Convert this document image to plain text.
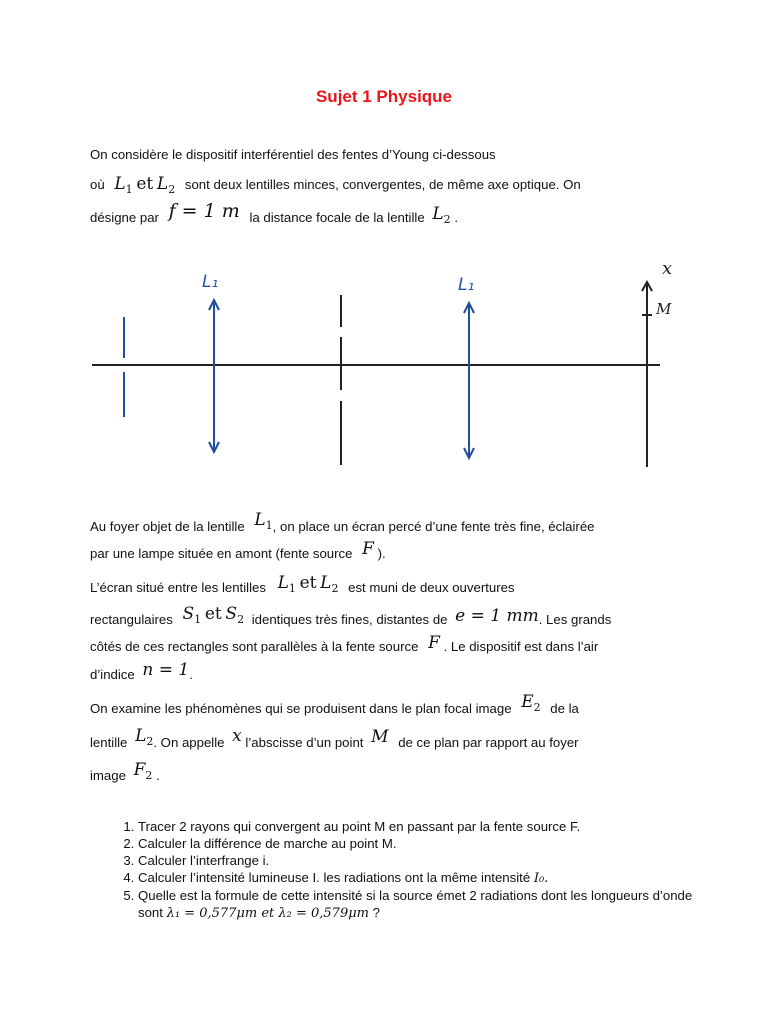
Sujet 1 Physique
On considère le dispositif interférentiel des fentes d’Young ci-dessous
où $L_1$ et $L_2$ sont deux lentilles minces, convergentes, de même axe optique. On
désigne par f = 1 m la distance focale de la lentille $L_2$ .
L₁	L₁
x
M
Au foyer objet de la lentille $L_1$, on place un écran percé d’une fente très fine, éclairée
par une lampe située en amont (fente source F ).
L’écran situé entre les lentilles $L_1$ et $L_2$ est muni de deux ouvertures
rectangulaires $S_1$ et $S_2$ identiques très fines, distantes de e = 1 mm. Les grands
côtés de ces rectangles sont parallèles à la fente source F . Le dispositif est dans l’air
d’indice n = 1.
On examine les phénomènes qui se produisent dans le plan focal image $E_2$ de la
lentille $L_2$. On appelle x l’abscisse d’un point M de ce plan par rapport au foyer
image $F_2$ .
1. Tracer 2 rayons qui convergent au point M en passant par la fente source F.
2. Calculer la différence de marche au point M.
3. Calculer l’interfrange i.
4. Calculer l’intensité lumineuse I. les radiations ont la même intensité I₀.
5. Quelle est la formule de cette intensité si la source émet 2 radiations dont les longueurs d’onde sont λ₁ = 0,577μm et λ₂ = 0,579μm ?
